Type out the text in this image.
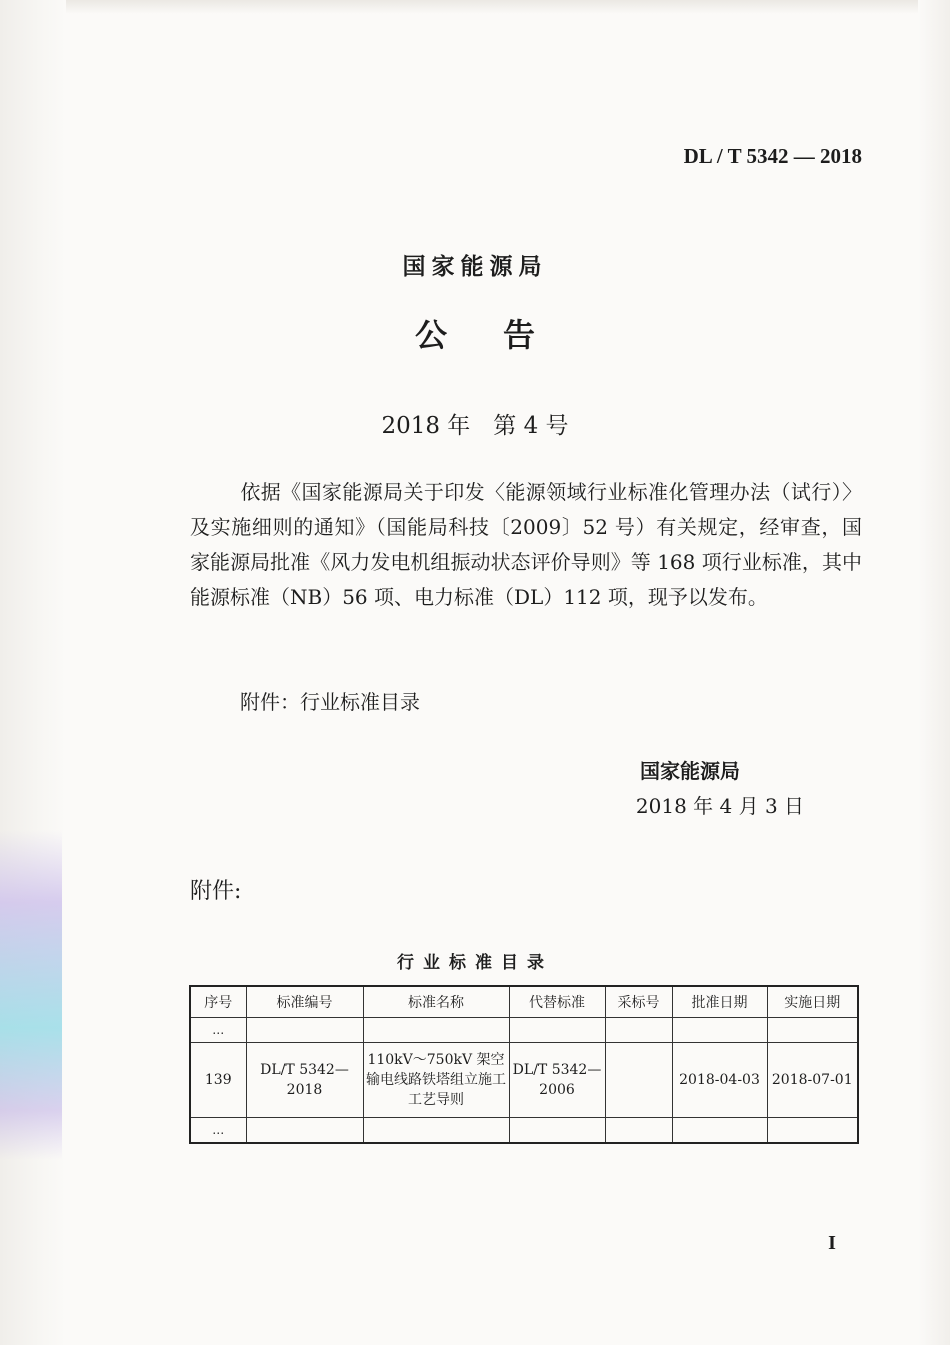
DL / T 5342 — 2018
国家能源局
公 告
2018 年　第 4 号
依据《国家能源局关于印发〈能源领域行业标准化管理办法（试行）〉及实施细则的通知》（国能局科技〔2009〕52 号）有关规定，经审查，国家能源局批准《风力发电机组振动状态评价导则》等 168 项行业标准，其中能源标准（NB）56 项、电力标准（DL）112 项，现予以发布。
附件：行业标准目录
国家能源局
2018 年 4 月 3 日
附件:
行业标准目录
序号	标准编号	标准名称	代替标准	采标号	批准日期	实施日期
…						
139	DL/T 5342—2018	110kV～750kV 架空输电线路铁塔组立施工工艺导则	DL/T 5342—2006		2018-04-03	2018-07-01
…						
I
